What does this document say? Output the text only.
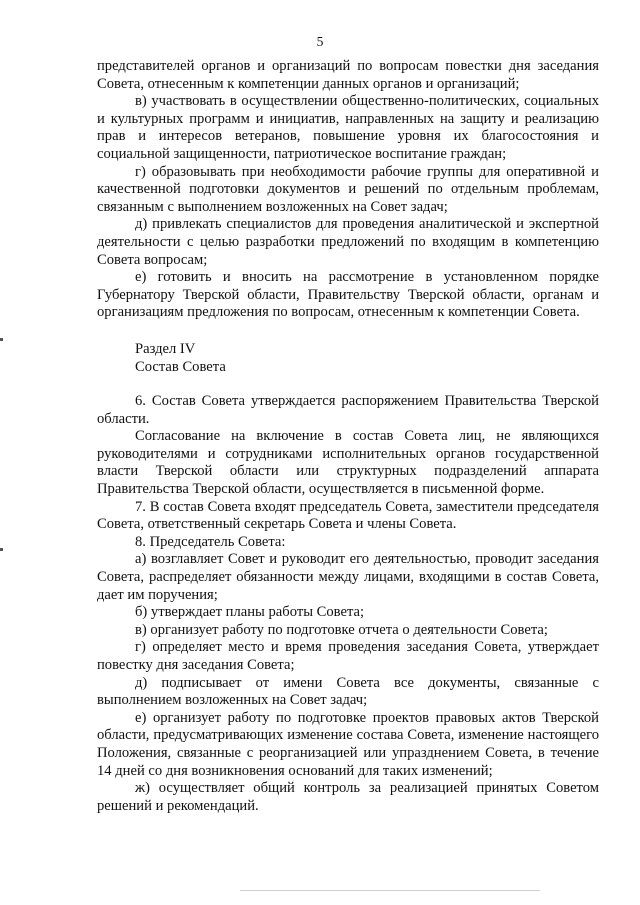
5

представителей органов и организаций по вопросам повестки дня заседания Совета, отнесенным к компетенции данных органов и организаций;

в) участвовать в осуществлении общественно-политических, социальных и культурных программ и инициатив, направленных на защиту и реализацию прав и интересов ветеранов, повышение уровня их благосостояния и социальной защищенности, патриотическое воспитание граждан;

г) образовывать при необходимости рабочие группы для оперативной и качественной подготовки документов и решений по отдельным проблемам, связанным с выполнением возложенных на Совет задач;

д) привлекать специалистов для проведения аналитической и экспертной деятельности с целью разработки предложений по входящим в компетенцию Совета вопросам;

е) готовить и вносить на рассмотрение в установленном порядке Губернатору Тверской области, Правительству Тверской области, органам и организациям предложения по вопросам, отнесенным к компетенции Совета.

Раздел IV

Состав Совета

6. Состав Совета утверждается распоряжением Правительства Тверской области.

Согласование на включение в состав Совета лиц, не являющихся руководителями и сотрудниками исполнительных органов государственной власти Тверской области или структурных подразделений аппарата Правительства Тверской области, осуществляется в письменной форме.

7. В состав Совета входят председатель Совета, заместители председателя Совета, ответственный секретарь Совета и члены Совета.

8. Председатель Совета:

а) возглавляет Совет и руководит его деятельностью, проводит заседания Совета, распределяет обязанности между лицами, входящими в состав Совета, дает им поручения;

б) утверждает планы работы Совета;

в) организует работу по подготовке отчета о деятельности Совета;

г) определяет место и время проведения заседания Совета, утверждает повестку дня заседания Совета;

д) подписывает от имени Совета все документы, связанные с выполнением возложенных на Совет задач;

е) организует работу по подготовке проектов правовых актов Тверской области, предусматривающих изменение состава Совета, изменение настоящего Положения, связанные с реорганизацией или упразднением Совета, в течение 14 дней со дня возникновения оснований для таких изменений;

ж) осуществляет общий контроль за реализацией принятых Советом решений и рекомендаций.
